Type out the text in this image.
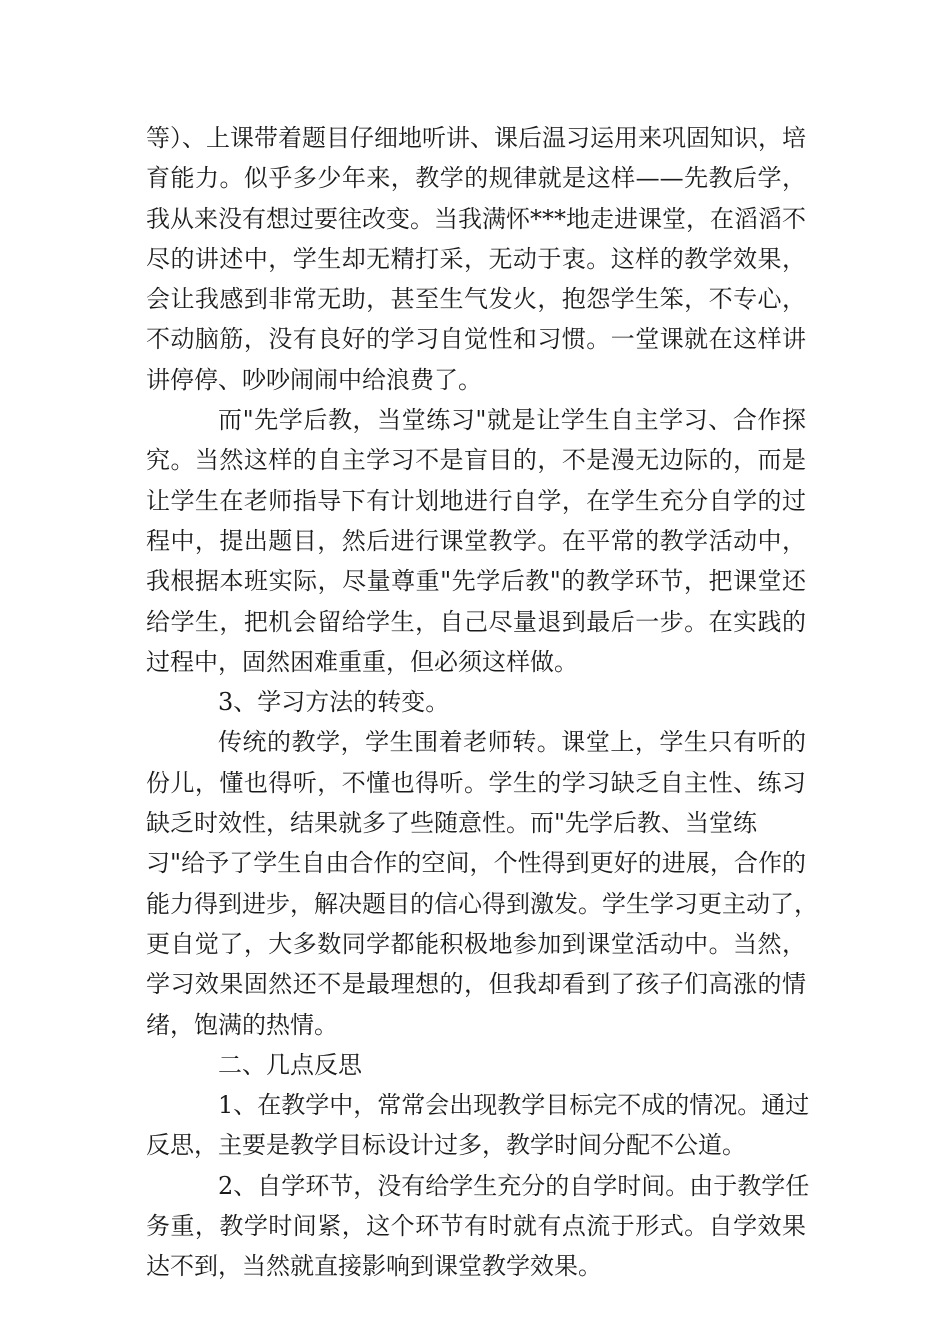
等）、上课带着题目仔细地听讲、课后温习运用来巩固知识，培
育能力。似乎多少年来，教学的规律就是这样——先教后学，
我从来没有想过要往改变。当我满怀***地走进课堂，在滔滔不
尽的讲述中，学生却无精打采，无动于衷。这样的教学效果，
会让我感到非常无助，甚至生气发火，抱怨学生笨，不专心，
不动脑筋，没有良好的学习自觉性和习惯。一堂课就在这样讲
讲停停、吵吵闹闹中给浪费了。
而"先学后教，当堂练习"就是让学生自主学习、合作探
究。当然这样的自主学习不是盲目的，不是漫无边际的，而是
让学生在老师指导下有计划地进行自学，在学生充分自学的过
程中，提出题目，然后进行课堂教学。在平常的教学活动中，
我根据本班实际，尽量尊重"先学后教"的教学环节，把课堂还
给学生，把机会留给学生，自己尽量退到最后一步。在实践的
过程中，固然困难重重，但必须这样做。
3、学习方法的转变。
传统的教学，学生围着老师转。课堂上，学生只有听的
份儿，懂也得听，不懂也得听。学生的学习缺乏自主性、练习
缺乏时效性，结果就多了些随意性。而"先学后教、当堂练
习"给予了学生自由合作的空间，个性得到更好的进展，合作的
能力得到进步，解决题目的信心得到激发。学生学习更主动了，
更自觉了，大多数同学都能积极地参加到课堂活动中。当然，
学习效果固然还不是最理想的，但我却看到了孩子们高涨的情
绪，饱满的热情。
二、几点反思
1、在教学中，常常会出现教学目标完不成的情况。通过
反思，主要是教学目标设计过多，教学时间分配不公道。
2、自学环节，没有给学生充分的自学时间。由于教学任
务重，教学时间紧，这个环节有时就有点流于形式。自学效果
达不到，当然就直接影响到课堂教学效果。
